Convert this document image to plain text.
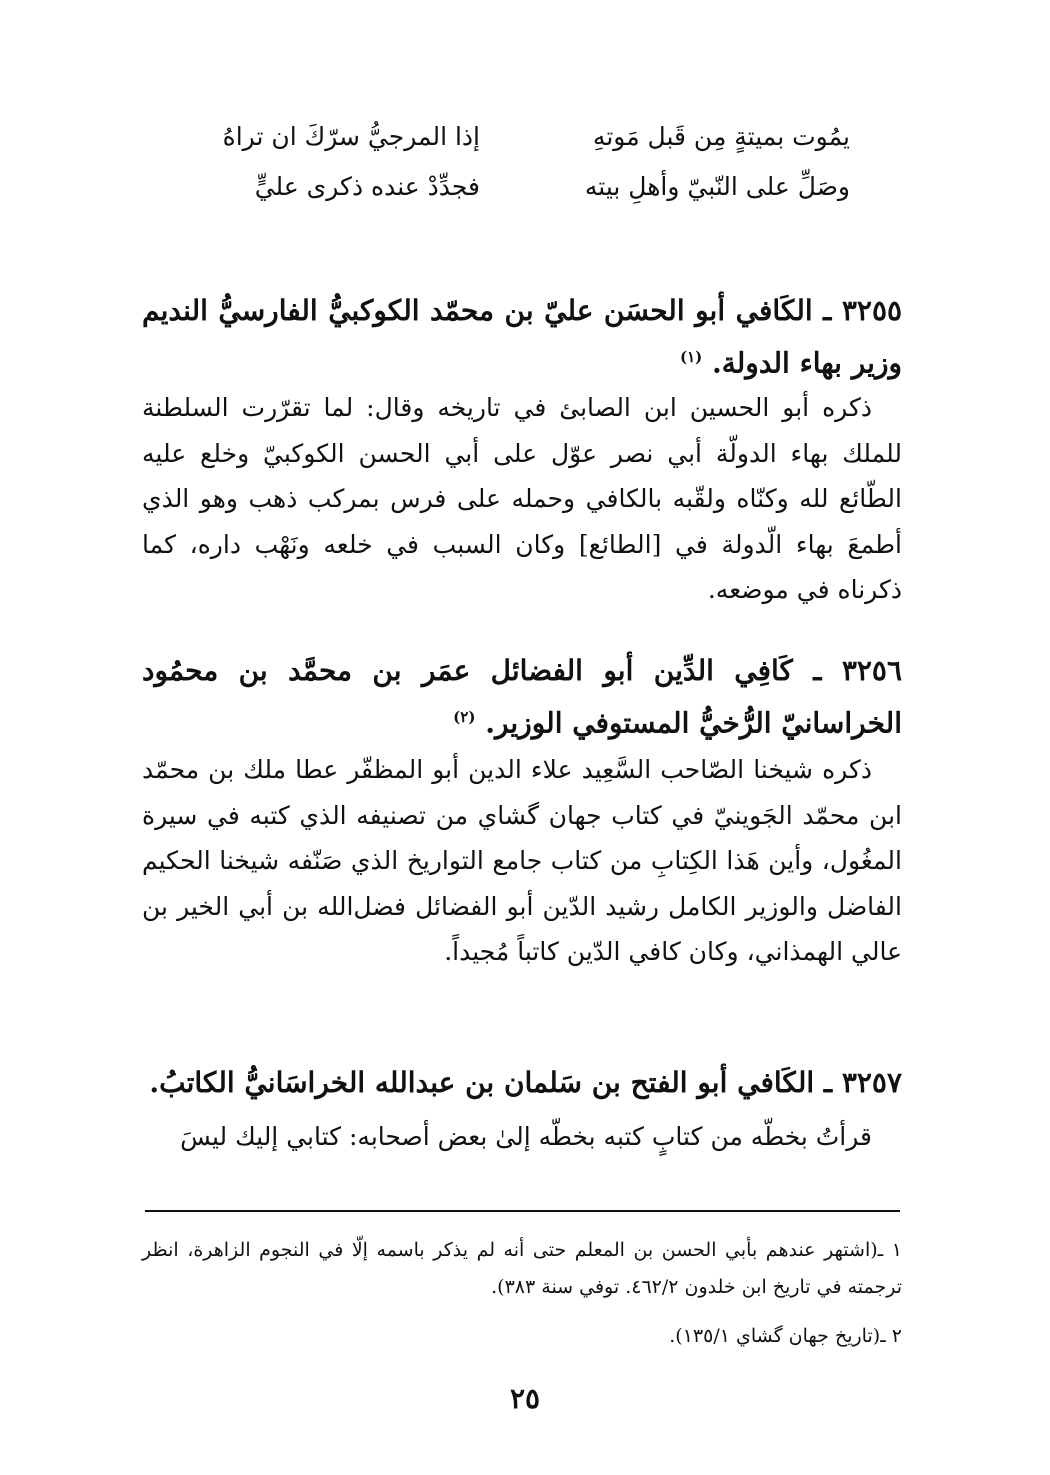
إذا المرجيُّ سرّكَ ان تراهُ	يمُوت بميتةٍ مِن قَبل مَوتهِ
فجدِّدْ عنده ذكرى عليٍّ	وصَلِّ على النّبيّ وأهلِ بيته
٣٢٥٥ ـ الكَافي أبو الحسَن عليّ بن محمّد الكوكبيُّ الفارسيُّ النديم وزير بهاء الدولة. $^{(١)}$
ذكره أبو الحسين ابن الصابئ في تاريخه وقال: لما تقرّرت السلطنة للملك بهاء الدولّة أبي نصر عوّل على أبي الحسن الكوكبيّ وخلع عليه الطّائع لله وكنّاه ولقّبه بالكافي وحمله على فرس بمركب ذهب وهو الذي أطمعَ بهاء الّدولة في [الطائع] وكان السبب في خلعه ونَهْب داره، كما ذكرناه في موضعه.
٣٢٥٦ ـ كَافِي الدِّين أبو الفضائل عمَر بن محمَّد بن محمُود الخراسانيّ الرُّخيُّ المستوفي الوزير. $^{(٢)}$
ذكره شيخنا الصّاحب السَّعِيد علاء الدين أبو المظفّر عطا ملك بن محمّد ابن محمّد الجَوينيّ في كتاب جهان گشاي من تصنيفه الذي كتبه في سيرة المغُول، وأين هَذا الكِتابِ من كتاب جامع التواريخ الذي صَنّفه شيخنا الحكيم الفاضل والوزير الكامل رشيد الدّين أبو الفضائل فضل‌الله بن أبي الخير بن عالي الهمذاني، وكان كافي الدّين كاتباً مُجيداً.
٣٢٥٧ ـ الكَافي أبو الفتح بن سَلمان بن عبدالله الخراسَانيُّ الكاتبُ.
قرأتُ بخطّه من كتابٍ كتبه بخطّه إلىٰ بعض أصحابه: كتابي إليك ليسَ
١ ـ(اشتهر عندهم بأبي الحسن بن المعلم حتى أنه لم يذكر باسمه إلّا في النجوم الزاهرة، انظر ترجمته في تاريخ ابن خلدون ٤٦٢/٢. توفي سنة ٣٨٣).
٢ ـ(تاريخ جهان گشاي ١٣٥/١).
٢٥
